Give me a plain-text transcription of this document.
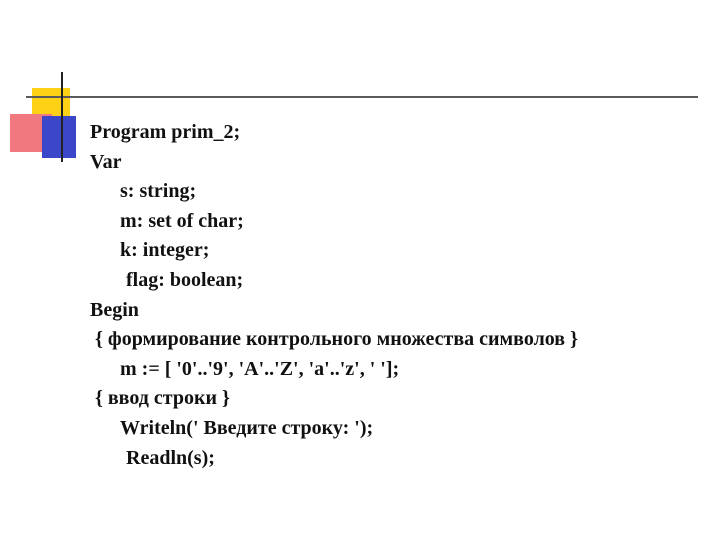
Program prim_2;
Var
s: string;
m: set of char;
k: integer;
flag: boolean;
Begin
{ формирование контрольного множества символов }
m := [ '0'..'9', 'A'..'Z', 'a'..'z', ' '];
{ ввод строки }
Writeln(' Введите строку: ');
Readln(s);
